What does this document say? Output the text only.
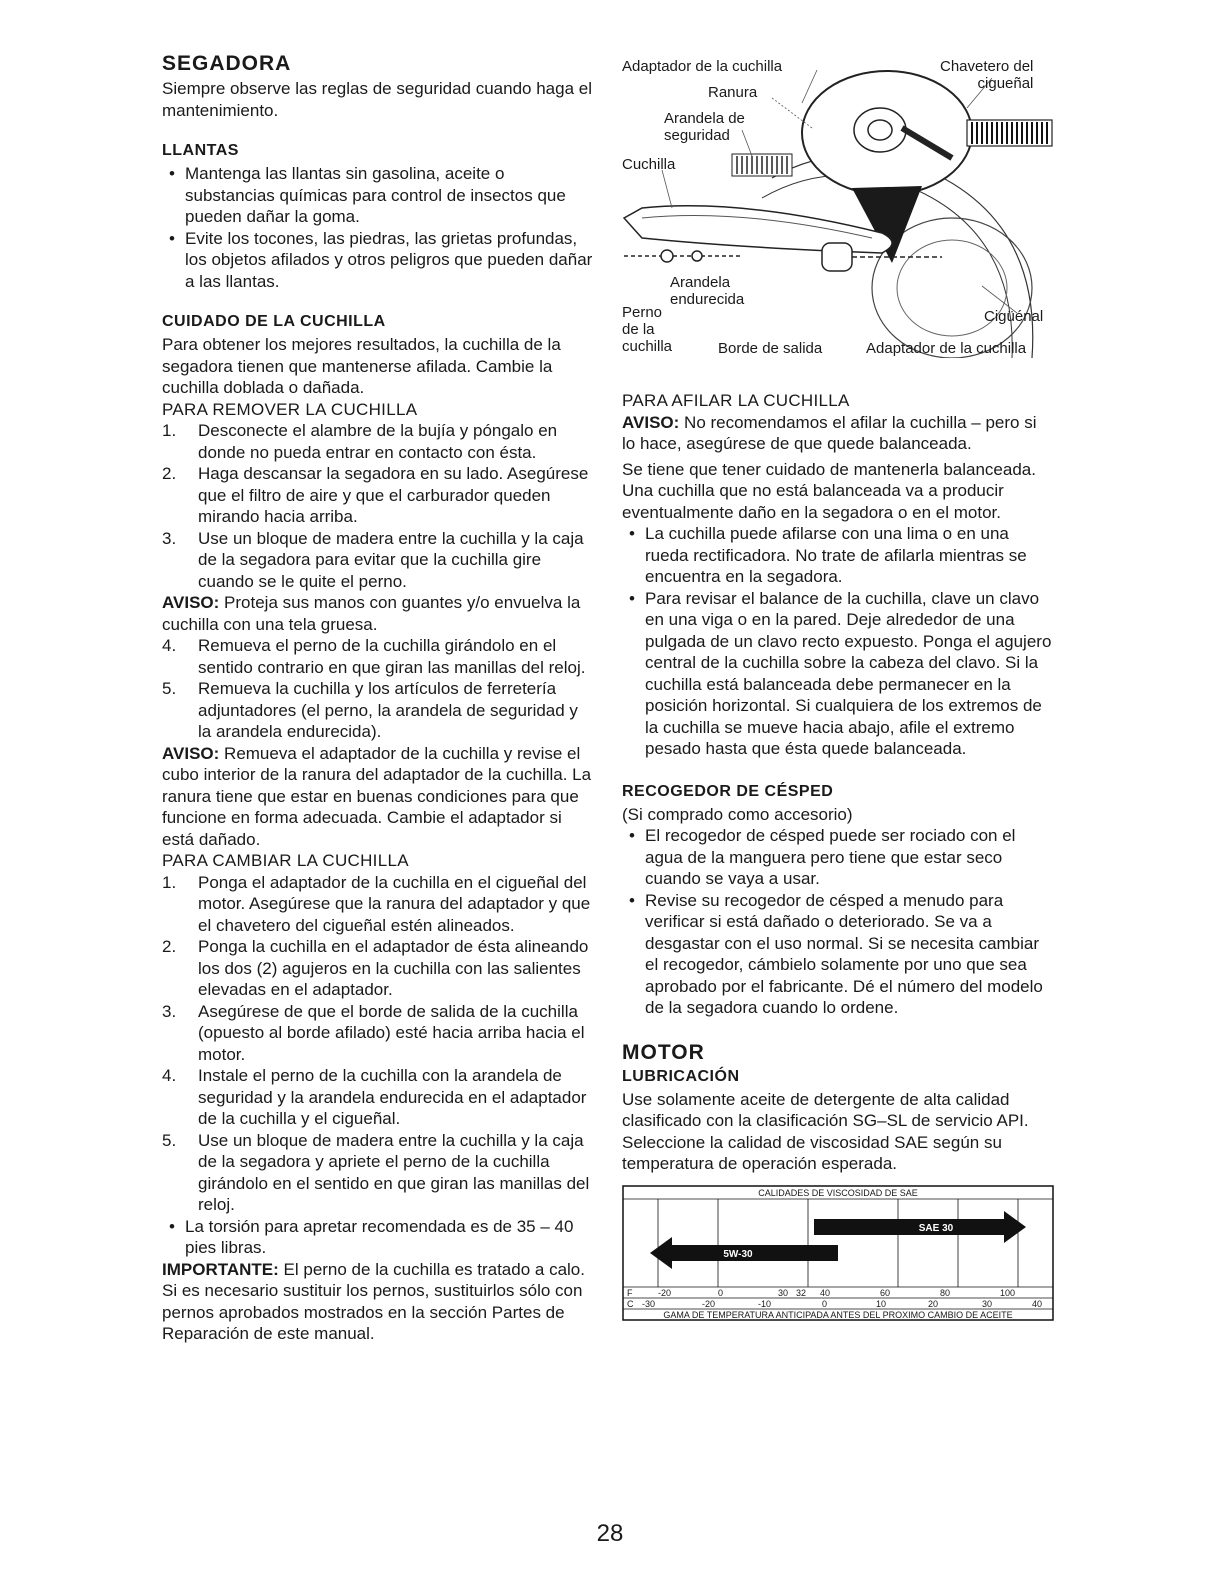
SEGADORA

Siempre observe las reglas de seguridad cuando haga el mantenimiento.

LLANTAS
• Mantenga las llantas sin gasolina, aceite o substancias químicas para control de insectos que pueden dañar la goma.
• Evite los tocones, las piedras, las grietas profundas, los objetos afilados y otros peligros que pueden dañar a las llantas.
CUIDADO DE LA CUCHILLA

Para obtener los mejores resultados, la cuchilla de la segadora tienen que mantenerse afilada. Cambie la cuchilla doblada o dañada.

PARA REMOVER LA CUCHILLA

1. Desconecte el alambre de la bujía y póngalo en donde no pueda entrar en contacto con ésta.
2. Haga descansar la segadora en su lado. Asegúrese que el filtro de aire y que el carburador queden mirando hacia arriba.
3. Use un bloque de madera entre la cuchilla y la caja de la segadora para evitar que la cuchilla gire cuando se le quite el perno.

AVISO: Proteja sus manos con guantes y/o envuelva la cuchilla con una tela gruesa.

4. Remueva el perno de la cuchilla girándolo en el sentido contrario en que giran las manillas del reloj.
5. Remueva la cuchilla y los artículos de ferretería adjuntadores (el perno, la arandela de seguridad y la arandela endurecida).

AVISO: Remueva el adaptador de la cuchilla y revise el cubo interior de la ranura del adaptador de la cuchilla. La ranura tiene que estar en buenas condiciones para que funcione en forma adecuada. Cambie el adaptador si está dañado.

PARA CAMBIAR LA CUCHILLA

1. Ponga el adaptador de la cuchilla en el cigueñal del motor. Asegúrese que la ranura del adaptador y que el chavetero del cigueñal estén alineados.
2. Ponga la cuchilla en el adaptador de ésta alineando los dos (2) agujeros en la cuchilla con las salientes elevadas en el adaptador.
3. Asegúrese de que el borde de salida de la cuchilla (opuesto al borde afilado) esté hacia arriba hacia el motor.
4. Instale el perno de la cuchilla con la arandela de seguridad y la arandela endurecida en el adaptador de la cuchilla y el cigueñal.
5. Use un bloque de madera entre la cuchilla y la caja de la segadora y apriete el perno de la cuchilla girándolo en el sentido en que giran las manillas del reloj.
• La torsión para apretar recomendada es de 35 – 40 pies libras.

IMPORTANTE: El perno de la cuchilla es tratado a calo. Si es necesario sustituir los pernos, sustituirlos sólo con pernos aprobados mostrados en la sección Partes de Reparación de este manual.

Adaptador de la cuchilla	Chavetero del
cigueñal
Ranura
Arandela de
seguridad
Cuchilla
Arandela
endurecida
Perno
de la
cuchilla	Borde de salida	Adaptador de la cuchilla
Cigüénal

PARA AFILAR LA CUCHILLA

AVISO: No recomendamos el afilar la cuchilla – pero si lo hace, asegúrese de que quede balanceada.

Se tiene que tener cuidado de mantenerla balanceada. Una cuchilla que no está balanceada va a producir eventualmente daño en la segadora o en el motor.

• La cuchilla puede afilarse con una lima o en una rueda rectificadora. No trate de afilarla mientras se encuentra en la segadora.
• Para revisar el balance de la cuchilla, clave un clavo en una viga o en la pared. Deje alrededor de una pulgada de un clavo recto expuesto. Ponga el agujero central de la cuchilla sobre la cabeza del clavo. Si la cuchilla está balanceada debe permanecer en la posición horizontal. Si cualquiera de los extremos de la cuchilla se mueve hacia abajo, afile el extremo pesado hasta que ésta quede balanceada.
RECOGEDOR DE CÉSPED

(Si comprado como accesorio)

• El recogedor de césped puede ser rociado con el agua de la manguera pero tiene que estar seco cuando se vaya a usar.
• Revise su recogedor de césped a menudo para verificar si está dañado o deteriorado. Se va a desgastar con el uso normal. Si se necesita cambiar el recogedor, cámbielo solamente por uno que sea aprobado por el fabricante. Dé el número del modelo de la segadora cuando lo ordene.
MOTOR
LUBRICACIÓN

Use solamente aceite de detergente de alta calidad clasificado con la clasificación SG–SL de servicio API. Seleccione la calidad de viscosidad SAE según su temperatura de operación esperada.

SAE 30
5W-30
CALIDADES DE VISCOSIDAD DE SAE
F
C
-20	0	30 32 40	60	80	100
-30	-20	-10	0	10	20	30	40
GAMA DE TEMPERATURA ANTICIPADA ANTES DEL PROXIMO CAMBIO DE ACEITE
28
